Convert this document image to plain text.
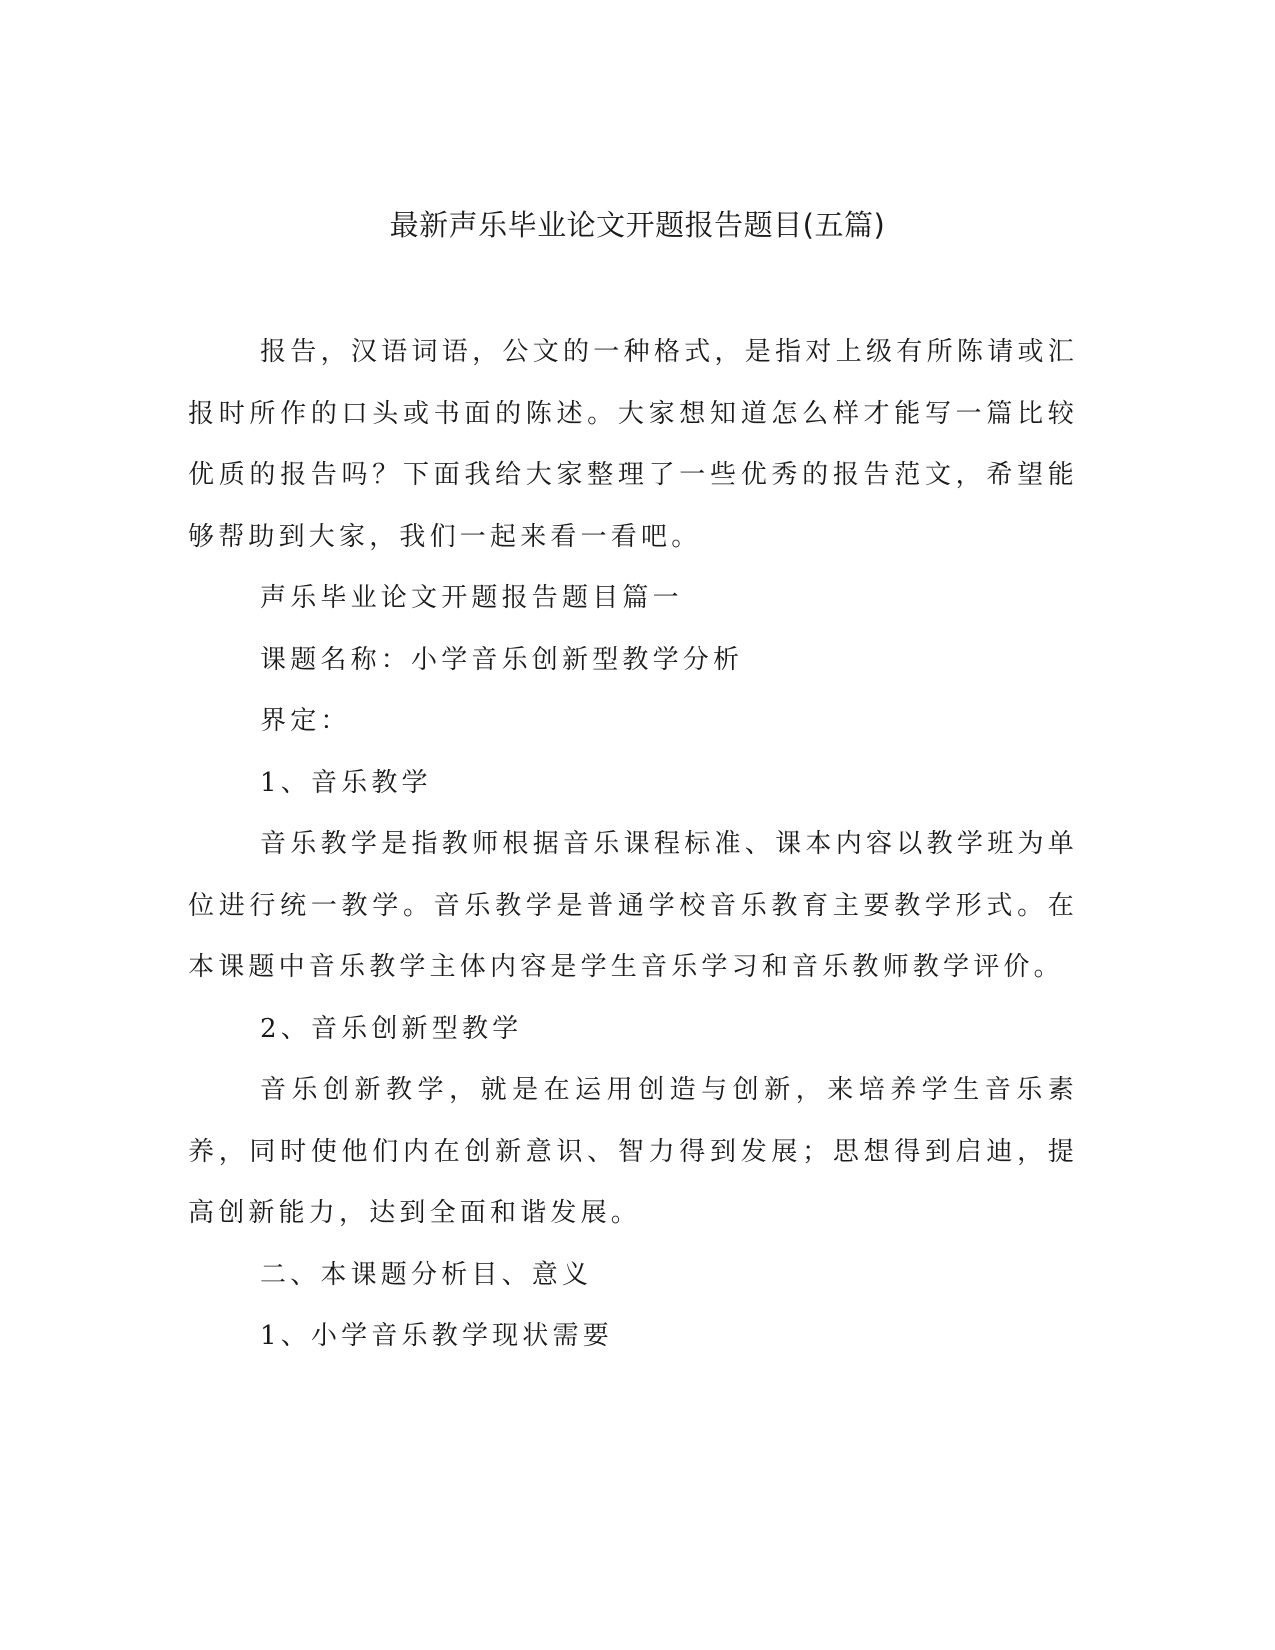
最新声乐毕业论文开题报告题目(五篇)

报告，汉语词语，公文的一种格式，是指对上级有所陈请或汇报时所作的口头或书面的陈述。大家想知道怎么样才能写一篇比较优质的报告吗？下面我给大家整理了一些优秀的报告范文，希望能够帮助到大家，我们一起来看一看吧。

声乐毕业论文开题报告题目篇一

课题名称：小学音乐创新型教学分析

界定：

1、音乐教学

音乐教学是指教师根据音乐课程标准、课本内容以教学班为单位进行统一教学。音乐教学是普通学校音乐教育主要教学形式。在本课题中音乐教学主体内容是学生音乐学习和音乐教师教学评价。

2、音乐创新型教学

音乐创新教学，就是在运用创造与创新，来培养学生音乐素养，同时使他们内在创新意识、智力得到发展；思想得到启迪，提高创新能力，达到全面和谐发展。

二、本课题分析目、意义

1、小学音乐教学现状需要
